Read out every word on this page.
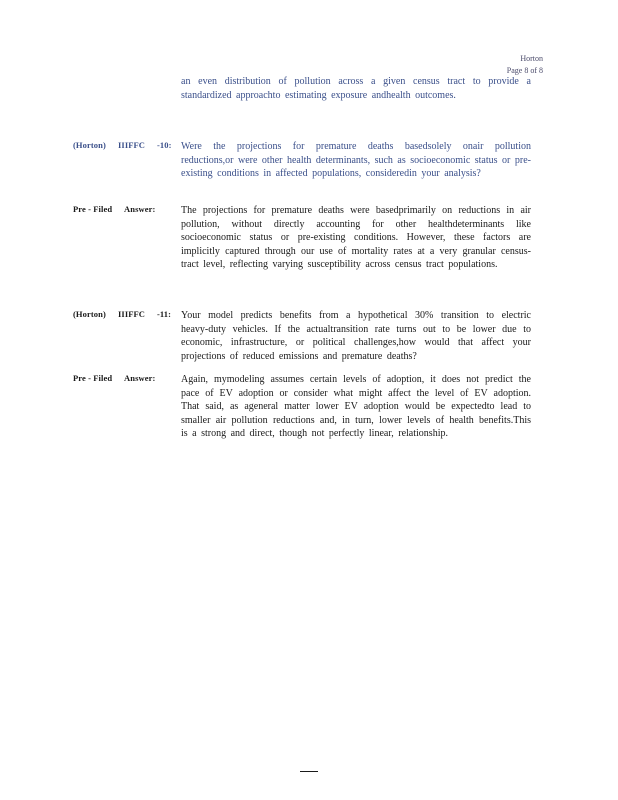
Horton
Page 8 of 8
an even distribution of pollution across a given census tract to provide a standardized approachto estimating exposure andhealth outcomes.
(Horton) IIIFFC -10: Were the projections for premature deaths basedsolely onair pollution reductions,or were other health determinants, such as socioeconomic status or pre-existing conditions in affected populations, consideredin your analysis?
Pre - Filed Answer:	The projections for premature deaths were basedprimarily on reductions in air pollution, without directly accounting for other healthdeterminants like socioeconomic status or pre-existing conditions. However, these factors are implicitly captured through our use of mortality rates at a very granular census-tract level, reflecting varying susceptibility across census tract populations.
(Horton) IIIFFC -11: Your model predicts benefits from a hypothetical 30% transition to electric heavy-duty vehicles. If the actualtransition rate turns out to be lower due to economic, infrastructure, or political challenges,how would that affect your projections of reduced emissions and premature deaths?
Pre - Filed Answer:	Again, mymodeling assumes certain levels of adoption, it does not predict the pace of EV adoption or consider what might affect the level of EV adoption. That said, as ageneral matter lower EV adoption would be expectedto lead to smaller air pollution reductions and, in turn, lower levels of health benefits.This is a strong and direct, though not perfectly linear, relationship.
